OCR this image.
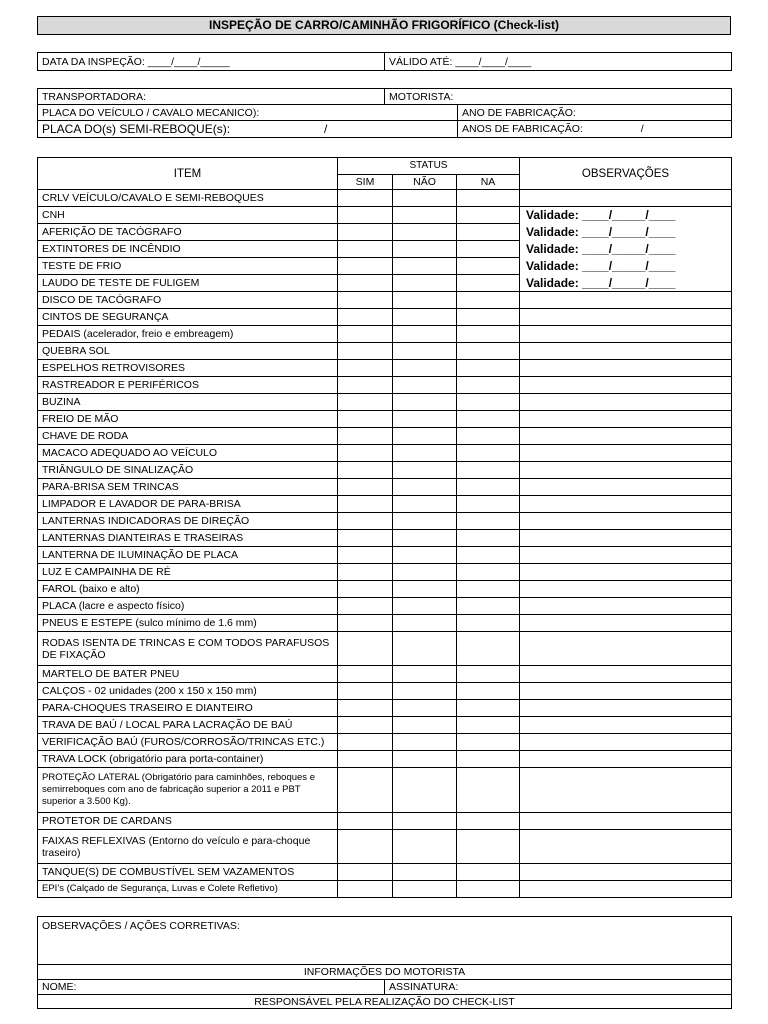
INSPEÇÃO DE CARRO/CAMINHÃO FRIGORÍFICO (Check-list)
DATA DA INSPEÇÃO: ____/____/_____	VÁLIDO ATÉ: ____/____/____
TRANSPORTADORA:	MOTORISTA:	
PLACA DO VEÍCULO / CAVALO MECANICO):		ANO DE FABRICAÇÃO:
PLACA DO(s) SEMI-REBOQUE(s): /		ANOS DE FABRICAÇÃO: /
ITEM	STATUS			OBSERVAÇÕES
	SIM	NÃO	NA	
CRLV VEÍCULO/CAVALO E SEMI-REBOQUES				
CNH				Validade: ____/_____/____
AFERIÇÃO DE TACÓGRAFO				Validade: ____/_____/____
EXTINTORES DE INCÊNDIO				Validade: ____/_____/____
TESTE DE FRIO				Validade: ____/_____/____
LAUDO DE TESTE DE FULIGEM				Validade: ____/_____/____
DISCO DE TACÓGRAFO				
CINTOS DE SEGURANÇA				
PEDAIS (acelerador, freio e embreagem)				
QUEBRA SOL				
ESPELHOS RETROVISORES				
RASTREADOR E PERIFÉRICOS				
BUZINA				
FREIO DE MÃO				
CHAVE DE RODA				
MACACO ADEQUADO AO VEÍCULO				
TRIÂNGULO DE SINALIZAÇÃO				
PARA-BRISA SEM TRINCAS				
LIMPADOR E LAVADOR DE PARA-BRISA				
LANTERNAS INDICADORAS DE DIREÇÃO				
LANTERNAS DIANTEIRAS E TRASEIRAS				
LANTERNA DE ILUMINAÇÃO DE PLACA				
LUZ E CAMPAINHA DE RÉ				
FAROL (baixo e alto)				
PLACA (lacre e aspecto físico)				
PNEUS E ESTEPE (sulco mínimo de 1.6 mm)				
RODAS ISENTA DE TRINCAS E COM TODOS PARAFUSOS DE FIXAÇÃO				
MARTELO DE BATER PNEU				
CALÇOS - 02 unidades (200 x 150 x 150 mm)				
PARA-CHOQUES TRASEIRO E DIANTEIRO				
TRAVA DE BAÚ / LOCAL PARA LACRAÇÃO DE BAÚ				
VERIFICAÇÃO BAÚ (FUROS/CORROSÃO/TRINCAS ETC.)				
TRAVA LOCK (obrigatório para porta-container)				
PROTEÇÃO LATERAL (Obrigatório para caminhões, reboques e semirreboques com ano de fabricação superior a 2011 e PBT superior a 3.500 Kg).				
PROTETOR DE CARDANS				
FAIXAS REFLEXIVAS (Entorno do veículo e para-choque traseiro)				
TANQUE(S) DE COMBUSTÍVEL SEM VAZAMENTOS				
EPI’s (Calçado de Segurança, Luvas e Colete Refletivo)				
OBSERVAÇÕES / AÇÕES CORRETIVAS:
INFORMAÇÕES DO MOTORISTA
NOME:	ASSINATURA:
RESPONSÁVEL PELA REALIZAÇÃO DO CHECK-LIST
